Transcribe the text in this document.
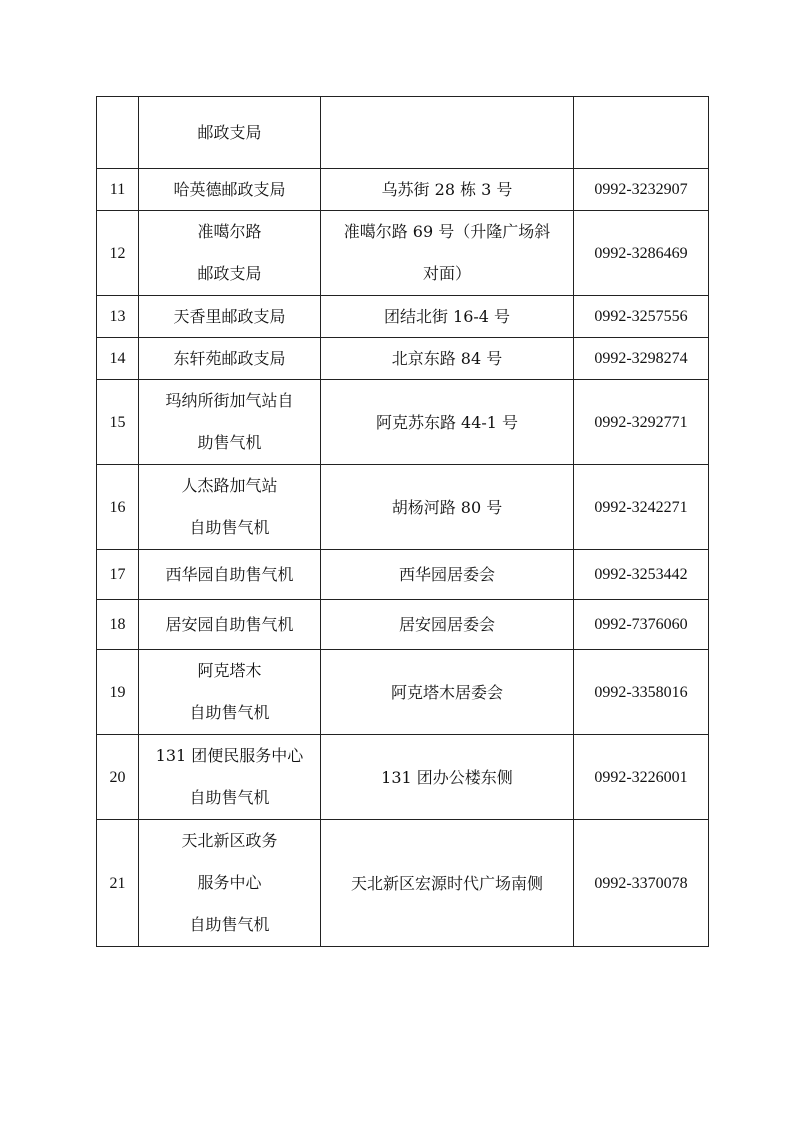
	邮政支局		

11	哈英德邮政支局	乌苏街 28 栋 3 号	0992-3232907
12	准噶尔路
邮政支局	准噶尔路 69 号（升隆广场斜
对面）	0992-3286469
13	天香里邮政支局	团结北街 16-4 号	0992-3257556
14	东轩苑邮政支局	北京东路 84 号	0992-3298274
15	玛纳所街加气站自
助售气机	阿克苏东路 44-1 号	0992-3292771
16	人杰路加气站
自助售气机	胡杨河路 80 号	0992-3242271
17	西华园自助售气机	西华园居委会	0992-3253442
18	居安园自助售气机	居安园居委会	0992-7376060
19	阿克塔木
自助售气机	阿克塔木居委会	0992-3358016
20	131 团便民服务中心
自助售气机	131 团办公楼东侧	0992-3226001
21	天北新区政务
服务中心
自助售气机	天北新区宏源时代广场南侧	0992-3370078
